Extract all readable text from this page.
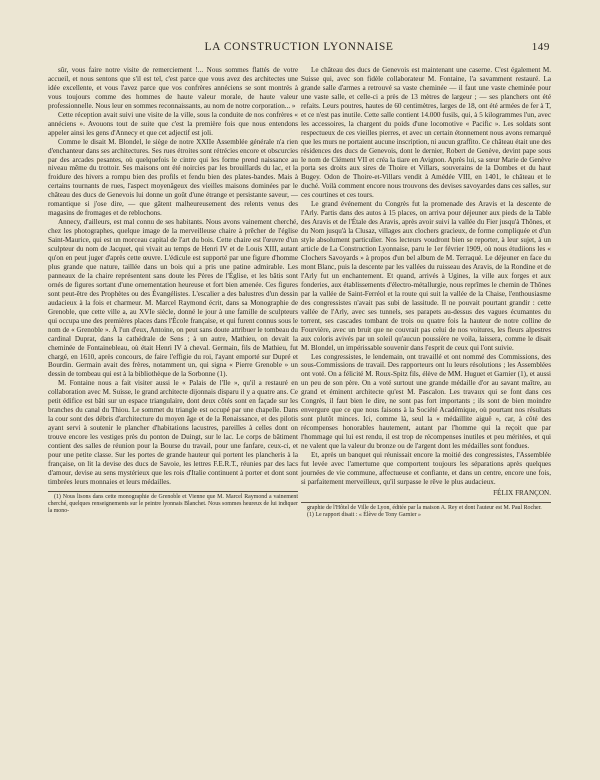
LA CONSTRUCTION LYONNAISE	149

sûr, vous faire notre visite de remerciement !... Nous sommes flattés de votre accueil, et nous sentons que s'il est tel, c'est parce que vous avez des architectes une idée excellente, et vous l'avez parce que vos confrères annéciens se sont montrés à vous toujours comme des hommes de haute valeur morale, de haute valeur professionnelle. Nous leur en sommes reconnaissants, au nom de notre corporation... »

Cette réception avait suivi une visite de la ville, sous la conduite de nos confrères « annéciens ». Avouons tout de suite que c'est la première fois que nous entendons appeler ainsi les gens d'Annecy et que cet adjectif est joli.

Comme le disait M. Blondel, le siège de notre XXIIe Assemblée générale n'a rien d'enchanteur dans ses architectures. Ses rues étroites sont rétrécies encore et obscurcies par des arcades pesantes, où quelquefois le cintre qui les forme prend naissance au niveau même du trottoir. Ses maisons ont été noircies par les brouillards du lac, et la froidure des hivers a rompu bien des profils et fendu bien des plates-bandes. Mais à certains tournants de rues, l'aspect moyenâgeux des vieilles maisons dominées par le château des ducs de Genevois lui donne un goût d'une étrange et persistante saveur, — romantique si j'ose dire, — que gâtent malheureusement des relents venus des magasins de fromages et de reblochons.

Annecy, d'ailleurs, est mal connu de ses habitants. Nous avons vainement cherché, chez les photographes, quelque image de la merveilleuse chaire à prêcher de l'église Saint-Maurice, qui est un morceau capital de l'art du bois. Cette chaire est l'œuvre d'un sculpteur du nom de Jacquet, qui vivait au temps de Henri IV et de Louis XIII, autant qu'on en peut juger d'après cette œuvre. L'édicule est supporté par une figure d'homme plus grande que nature, taillée dans un bois qui a pris une patine admirable. Les panneaux de la chaire représentent sans doute les Pères de l'Église, et les bâtis sont ornés de figures sortant d'une ornementation heureuse et fort bien amenée. Ces figures sont peut-être des Prophètes ou des Évangélistes. L'escalier a des balustres d'un dessin audacieux à la fois et charmeur. M. Marcel Raymond écrit, dans sa Monographie de Grenoble, que cette ville a, au XVIe siècle, donné le jour à une famille de sculpteurs qui occupa une des premières places dans l'École française, et qui furent connus sous le nom de « Grenoble ». À l'un d'eux, Antoine, on peut sans doute attribuer le tombeau du cardinal Duprat, dans la cathédrale de Sens ; à un autre, Mathieu, on devait la cheminée de Fontainebleau, où était Henri IV à cheval. Germain, fils de Mathieu, fut chargé, en 1610, après concours, de faire l'effigie du roi, l'ayant emporté sur Dupré et Bourdin. Germain avait des frères, notamment un, qui signa « Pierre Grenoble » un dessin de tombeau qui est à la bibliothèque de la Sorbonne (1).

M. Fontaine nous a fait visiter aussi le « Palais de l'Ile », qu'il a restauré en collaboration avec M. Suisse, le grand architecte dijonnais disparu il y a quatre ans. Ce petit édifice est bâti sur un espace triangulaire, dont deux côtés sont en façade sur les branches du canal du Thiou. Le sommet du triangle est occupé par une chapelle. Dans la cour sont des débris d'architecture du moyen âge et de la Renaissance, et des pilotis ayant servi à soutenir le plancher d'habitations lacustres, pareilles à celles dont on trouve encore les vestiges près du ponton de Duingt, sur le lac. Le corps de bâtiment contient des salles de réunion pour la Bourse du travail, pour une fanfare, ceux-ci, et pour une petite classe. Sur les portes de grande hauteur qui portent les plancheris à la française, on lit la devise des ducs de Savoie, les lettres F.E.R.T., réunies par des lacs d'amour, devise au sens mystérieux que les rois d'Italie continuent à porter et dont sont timbrées leurs monnaies et leurs médailles.

(1) Nous lisons dans cette monographie de Grenoble et Vienne que M. Marcel Raymond a vainement cherché, quelques renseignements sur le peintre lyonnais Blanchet. Nous sommes heureux de lui indiquer la mono-

Le château des ducs de Genevois est maintenant une caserne. C'est également M. Suisse qui, avec son fidèle collaborateur M. Fontaine, l'a savamment restauré. La grande salle d'armes a retrouvé sa vaste cheminée — il faut une vaste cheminée pour une vaste salle, et celle-ci a près de 13 mètres de largeur ; — ses planchers ont été refaits. Leurs poutres, hautes de 60 centimètres, larges de 18, ont été armées de fer à T, et ce n'est pas inutile. Cette salle contient 14.000 fusils, qui, à 5 kilogrammes l'un, avec les accessoires, la chargent du poids d'une locomotive « Pacific ». Les soldats sont respectueux de ces vieilles pierres, et avec un certain étonnement nous avons remarqué que les murs ne portaient aucune inscription, ni aucun graffito. Ce château était une des résidences des ducs de Genevois, dont le dernier, Robert de Genève, devint pape sous le nom de Clément VII et créa la tiare en Avignon. Après lui, sa sœur Marie de Genève porta ses droits aux sires de Thoire et Villars, souverains de la Dombes et du haut Bugey. Odon de Thoire-et-Villars vendit à Amédée VIII, en 1401, le château et le duché. Voilà comment encore nous trouvons des devises savoyardes dans ces salles, sur ces courtines et ces tours.

Le grand événement du Congrès fut la promenade des Aravis et la descente de l'Arly. Partis dans des autos à 15 places, on arriva pour déjeuner aux pieds de la Table des Aravis et de l'Étale des Aravis, après avoir suivi la vallée du Fier jusqu'à Thônes, et du Nom jusqu'à la Clusaz, villages aux clochers gracieux, de forme compliquée et d'un style absolument particulier. Nos lecteurs voudront bien se reporter, à leur sujet, à un article de La Construction Lyonnaise, paru le 1er février 1909, où nous étudiions les « Clochers Savoyards » à propos d'un bel album de M. Terraqué. Le déjeuner en face du mont Blanc, puis la descente par les vallées du ruisseau des Aravis, de la Rondine et de l'Arly fut un enchantement. Et quand, arrivés à Ugines, la ville aux forges et aux fonderies, aux établissements d'électro-métallurgie, nous reprîmes le chemin de Thônes par la vallée de Saint-Ferréol et la route qui suit la vallée de la Chaise, l'enthousiasme des congressistes n'avait pas subi de lassitude. Il ne pouvait pourtant grandir : cette vallée de l'Arly, avec ses tunnels, ses parapets au-dessus des vagues écumantes du torrent, ses cascades tombant de trois ou quatre fois la hauteur de notre colline de Fourvière, avec un bruit que ne couvrait pas celui de nos voitures, les fleurs alpestres aux coloris avivés par un soleil qu'aucun poussière ne voila, laissera, comme le disait M. Blondel, un impérissable souvenir dans l'esprit de ceux qui l'ont suivie.

Les congressistes, le lendemain, ont travaillé et ont nommé des Commissions, des sous-Commissions de travail. Des rapporteurs ont lu leurs résolutions ; les Assemblées ont voté. On a félicité M. Roux-Spitz fils, élève de MM. Huguet et Garnier (1), et aussi un peu de son père. On a voté surtout une grande médaille d'or au savant maître, au grand et éminent architecte qu'est M. Pascalon. Les travaux qui se font dans ces Congrès, il faut bien le dire, ne sont pas fort importants ; ils sont de bien moindre envergure que ce que nous faisons à la Société Académique, où pourtant nos résultats sont plutôt minces. Ici, comme là, seul la « médaillite aiguë », car, à côté des récompenses honorables hautement, autant par l'homme qui la reçoit que par l'hommage qui lui est rendu, il est trop de récompenses inutiles et peu méritées, et qui ne valent que la valeur du bronze ou de l'argent dont les médailles sont fondues.

Et, après un banquet qui réunissait encore la moitié des congressistes, l'Assemblée fut levée avec l'amertume que comportent toujours les séparations après quelques journées de vie commune, affectueuse et confiante, et dans un centre, encore une fois, si parfaitement merveilleux, qu'il surpasse le rêve le plus audacieux.

FÉLIX FRANÇON.

graphie de l'Hôtel de Ville de Lyon, éditée par la maison A. Rey et dont l'auteur est M. Paul Rocher.

(1) Le rapport disait : « Élève de Tony Garnier »
